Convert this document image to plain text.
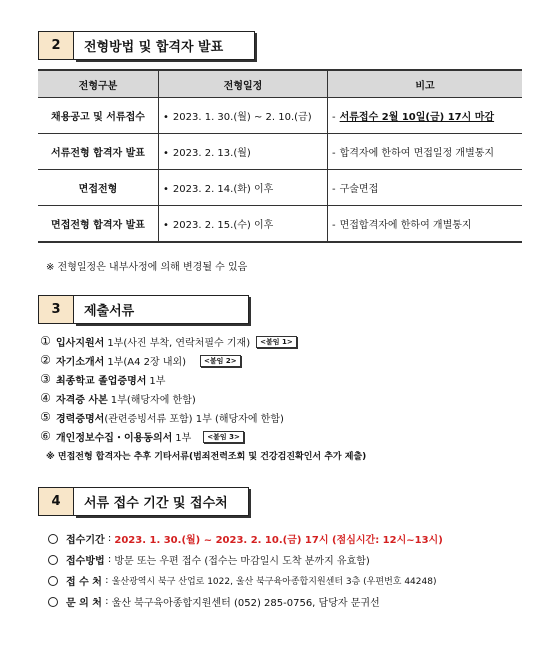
2	전형방법 및 합격자 발표
전형구분	전형일정	비고
채용공고 및 서류접수	• 2023. 1. 30.(월) ~ 2. 10.(금)	- 서류접수 2월 10일(금) 17시 마감
서류전형 합격자 발표	• 2023. 2. 13.(월)	- 합격자에 한하여 면접일정 개별통지
면접전형	• 2023. 2. 14.(화) 이후	- 구술면접
면접전형 합격자 발표	• 2023. 2. 15.(수) 이후	- 면접합격자에 한하여 개별통지
※ 전형일정은 내부사정에 의해 변경될 수 있음
3	제출서류
① 입사지원서 1부(사진 부착, 연락처필수 기재)	<붙임 1>
② 자기소개서 1부(A4 2장 내외)	<붙임 2>
③ 최종학교 졸업증명서 1부
④ 자격증 사본 1부(해당자에 한함)
⑤ 경력증명서 (관련증빙서류 포함) 1부 (해당자에 한함)
⑥ 개인정보수집・이용동의서 1부	<붙임 3>
※ 면접전형 합격자는 추후 기타서류(범죄전력조회 및 건강검진확인서 추가 제출)
4	서류 접수 기간 및 접수처
접수기간 : 2023. 1. 30.(월) ~ 2023. 2. 10.(금) 17시 (점심시간: 12시~13시)
접수방법 : 방문 또는 우편 접수 (접수는 마감일시 도착 분까지 유효함)
접 수 처 : 울산광역시 북구 산업로 1022, 울산 북구육아종합지원센터 3층 (우편번호 44248)
문 의 처 : 울산 북구육아종합지원센터 (052) 285-0756, 담당자 문귀선
